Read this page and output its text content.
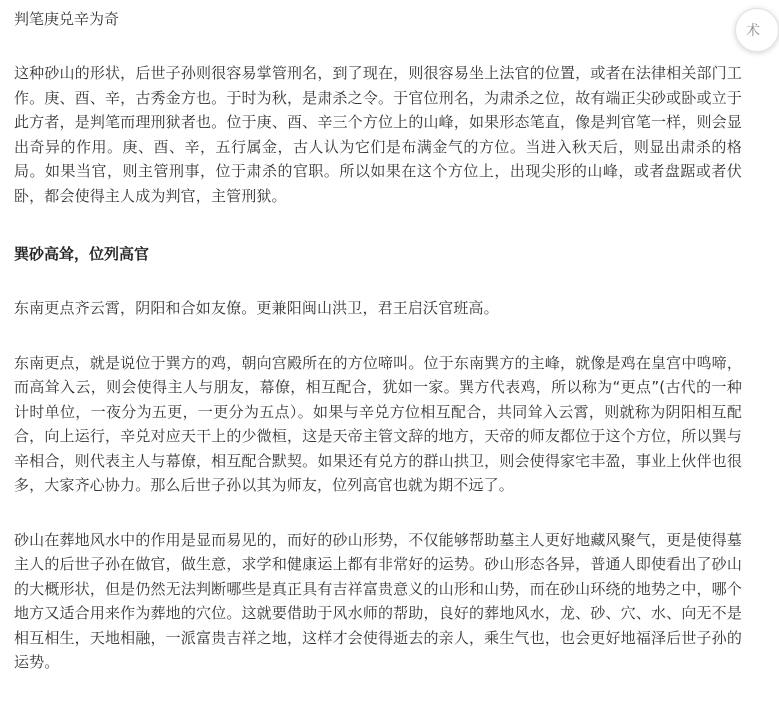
判笔庚兑辛为奇

这种砂山的形状，后世子孙则很容易掌管刑名，到了现在，则很容易坐上法官的位置，或者在法律相关部门工作。庚、酉、辛，古秀金方也。于时为秋，是肃杀之令。于官位刑名，为肃杀之位，故有端正尖砂或卧或立于此方者，是判笔而理刑狱者也。位于庚、酉、辛三个方位上的山峰，如果形态笔直，像是判官笔一样，则会显出奇异的作用。庚、酉、辛，五行属金，古人认为它们是布满金气的方位。当进入秋天后，则显出肃杀的格局。如果当官，则主管刑事，位于肃杀的官职。所以如果在这个方位上，出现尖形的山峰，或者盘踞或者伏卧，都会使得主人成为判官，主管刑狱。

巽砂高耸，位列高官

东南更点齐云霄，阴阳和合如友僚。更兼阳闽山洪卫，君王启沃官班高。

东南更点，就是说位于巽方的鸡，朝向宫殿所在的方位啼叫。位于东南巽方的主峰，就像是鸡在皇宫中鸣啼，而高耸入云，则会使得主人与朋友，幕僚，相互配合，犹如一家。巽方代表鸡，所以称为“更点”(古代的一种计时单位，一夜分为五更，一更分为五点）。如果与辛兑方位相互配合，共同耸入云霄，则就称为阴阳相互配合，向上运行，辛兑对应天干上的少微桓，这是天帝主管文辞的地方，天帝的师友都位于这个方位，所以巽与辛相合，则代表主人与幕僚，相互配合默契。如果还有兑方的群山拱卫，则会使得家宅丰盈，事业上伙伴也很多，大家齐心协力。那么后世子孙以其为师友，位列高官也就为期不远了。

砂山在葬地风水中的作用是显而易见的，而好的砂山形势，不仅能够帮助墓主人更好地藏风聚气，更是使得墓主人的后世子孙在做官，做生意，求学和健康运上都有非常好的运势。砂山形态各异，普通人即使看出了砂山的大概形状，但是仍然无法判断哪些是真正具有吉祥富贵意义的山形和山势，而在砂山环绕的地势之中，哪个地方又适合用来作为葬地的穴位。这就要借助于风水师的帮助，良好的葬地风水，龙、砂、穴、水、向无不是相互相生，天地相融，一派富贵吉祥之地，这样才会使得逝去的亲人，乘生气也，也会更好地福泽后世子孙的运势。

术
